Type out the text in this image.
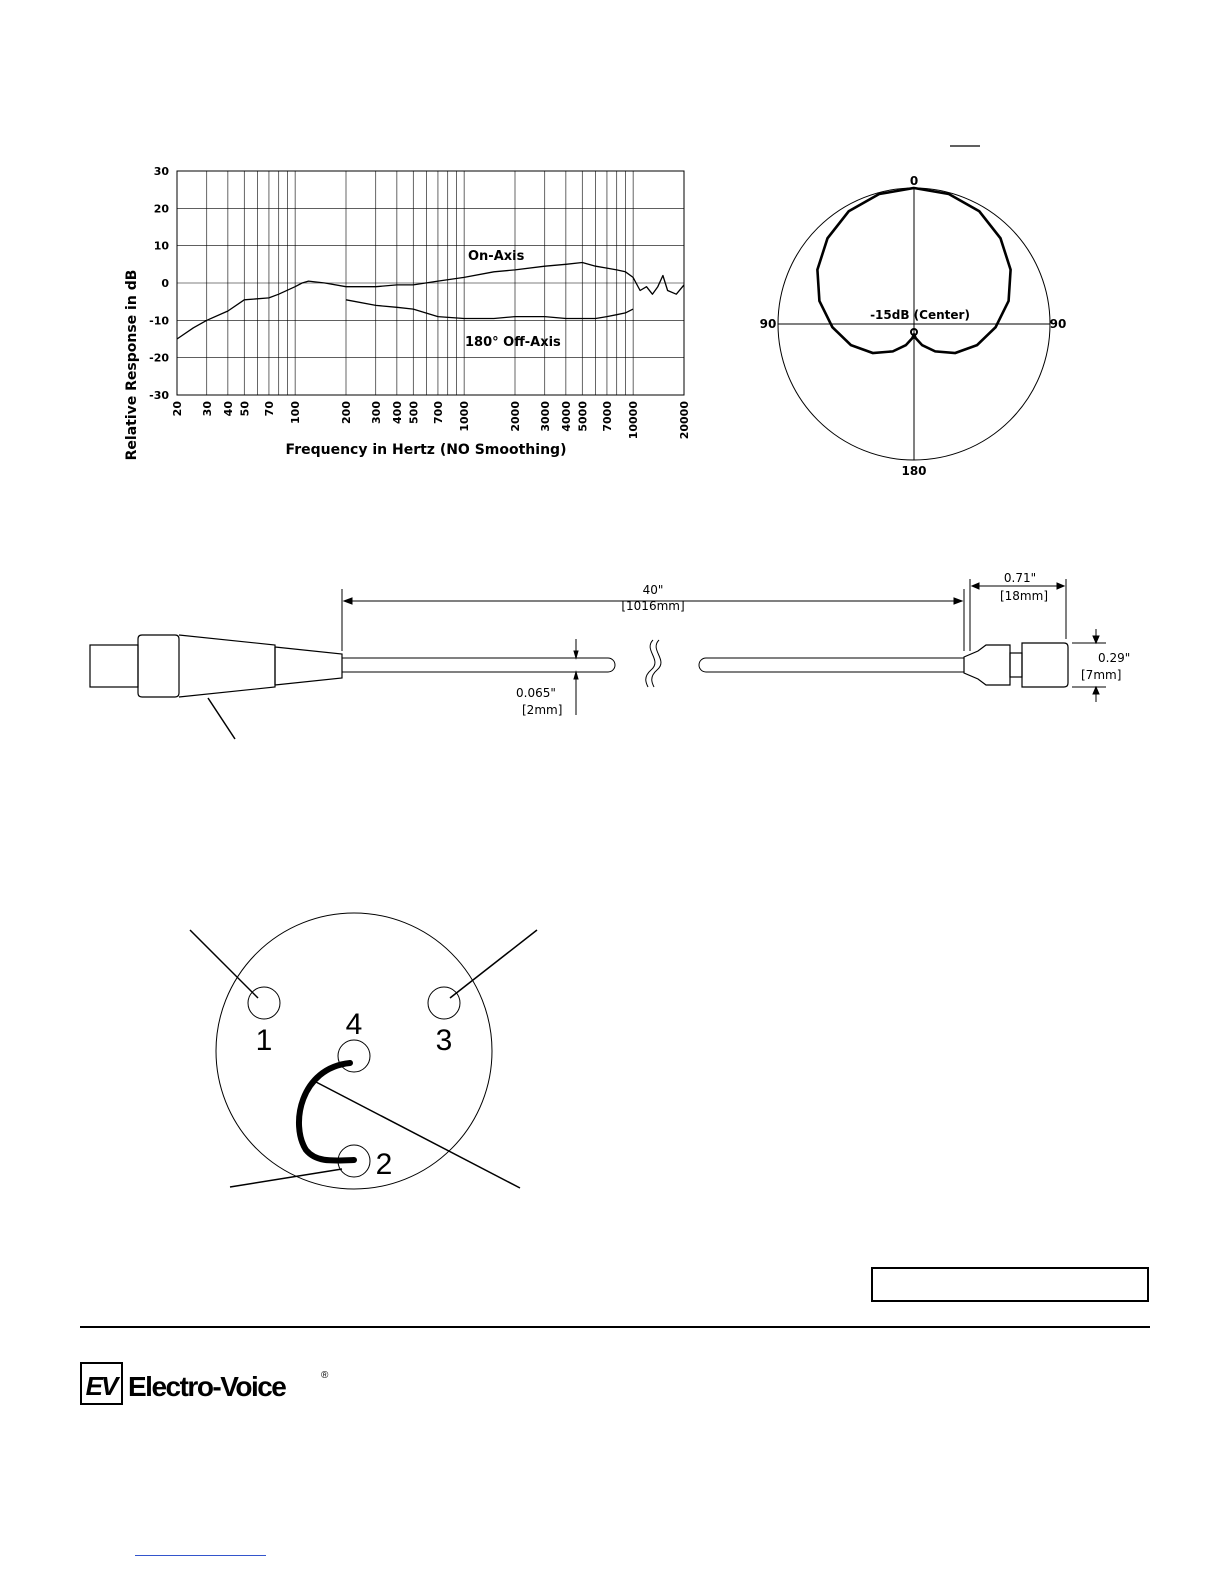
30
20
10
0
-10
-20
-30
20 30 40 50 70 100	200 300 400 500 700 1000	2000 3000 4000 5000 7000 10000	20000
Relative Response in dB	Frequency in Hertz (NO Smoothing)
On-Axis
180° Off-Axis
0
90	90
180
-15dB (Center)
40"
[1016mm]
0.71"
[18mm]
0.29"
[7mm]
0.065"
[2mm]
1
2
3
4
EV Electro-Voice	®
